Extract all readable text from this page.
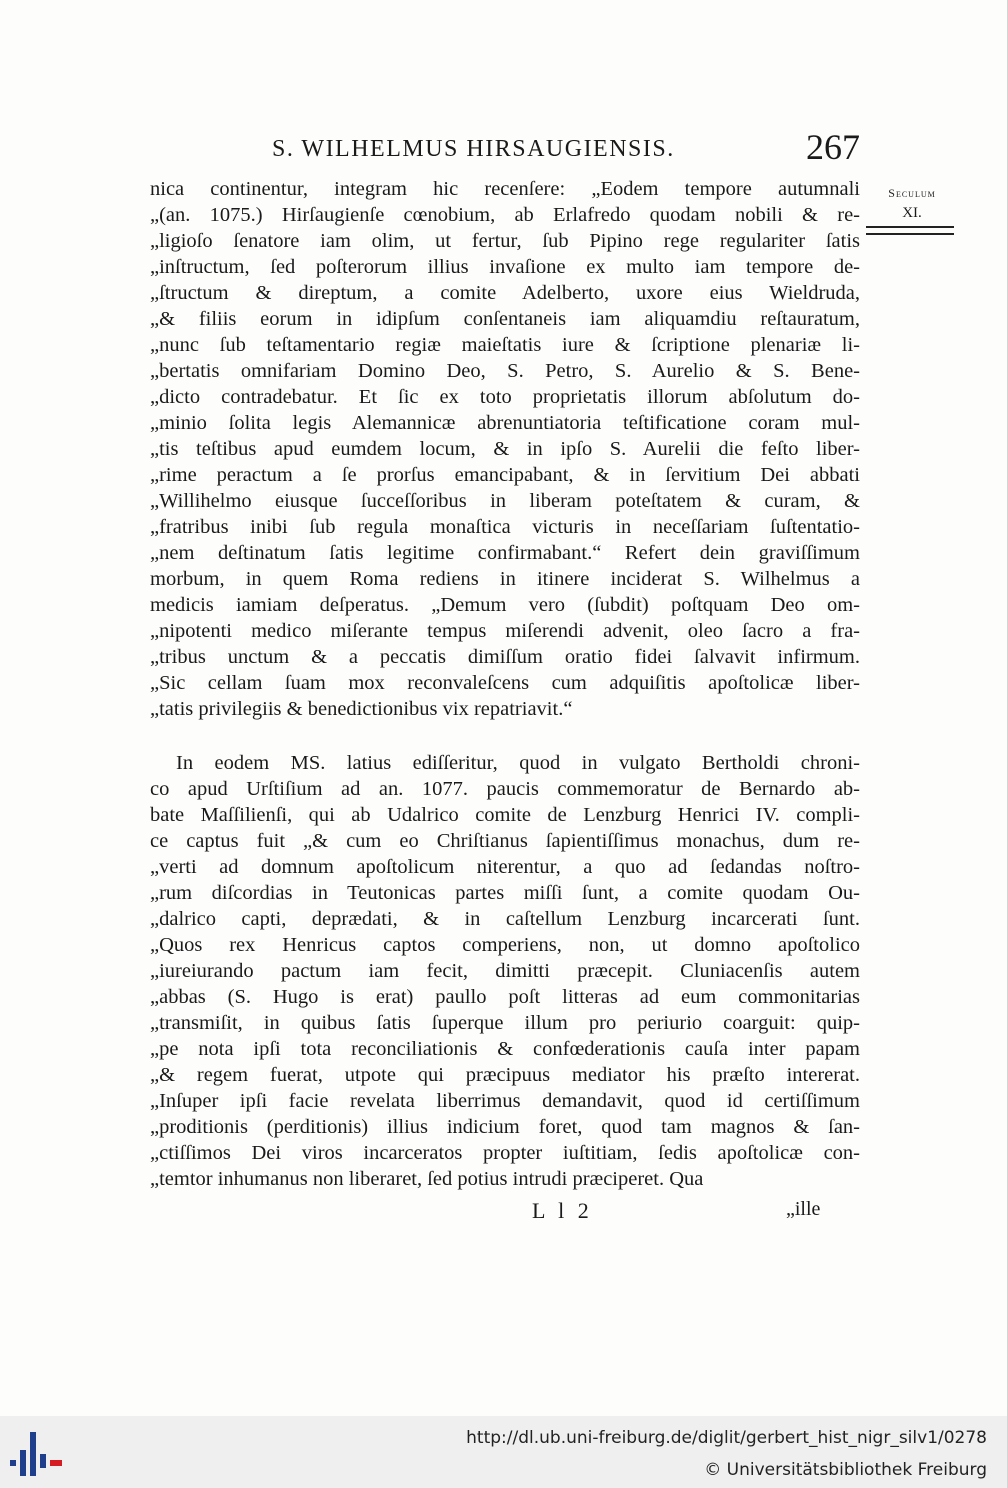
S. WILHELMUS HIRSAUGIENSIS.	267
Seculum
XI.
nica continentur, integram hic recenſere: „Eodem tempore autumnali
„(an. 1075.) Hirſaugienſe cœnobium, ab Erlafredo quodam nobili & re-
„ligioſo ſenatore iam olim, ut fertur, ſub Pipino rege regulariter ſatis
„inſtructum, ſed poſterorum illius invaſione ex multo iam tempore de-
„ſtructum & direptum, a comite Adelberto, uxore eius Wieldruda,
„& filiis eorum in idipſum conſentaneis iam aliquamdiu reſtauratum,
„nunc ſub teſtamentario regiæ maieſtatis iure & ſcriptione plenariæ li-
„bertatis omnifariam Domino Deo, S. Petro, S. Aurelio & S. Bene-
„dicto contradebatur. Et ſic ex toto proprietatis illorum abſolutum do-
„minio ſolita legis Alemannicæ abrenuntiatoria teſtificatione coram mul-
„tis teſtibus apud eumdem locum, & in ipſo S. Aurelii die feſto liber-
„rime peractum a ſe prorſus emancipabant, & in ſervitium Dei abbati
„Willihelmo eiusque ſucceſſoribus in liberam poteſtatem & curam, &
„fratribus inibi ſub regula monaſtica victuris in neceſſariam ſuſtentatio-
„nem deſtinatum ſatis legitime confirmabant.“ Refert dein graviſſimum
morbum, in quem Roma rediens in itinere inciderat S. Wilhelmus a
medicis iamiam deſperatus. „Demum vero (ſubdit) poſtquam Deo om-
„nipotenti medico miſerante tempus miſerendi advenit, oleo ſacro a fra-
„tribus unctum & a peccatis dimiſſum oratio fidei ſalvavit infirmum.
„Sic cellam ſuam mox reconvaleſcens cum adquiſitis apoſtolicæ liber-
„tatis privilegiis & benedictionibus vix repatriavit.“
In eodem MS. latius ediſſeritur, quod in vulgato Bertholdi chroni-
co apud Urſtiſium ad an. 1077. paucis commemoratur de Bernardo ab-
bate Maſſilienſi, qui ab Udalrico comite de Lenzburg Henrici IV. compli-
ce captus fuit „& cum eo Chriſtianus ſapientiſſimus monachus, dum re-
„verti ad domnum apoſtolicum niterentur, a quo ad ſedandas noſtro-
„rum diſcordias in Teutonicas partes miſſi ſunt, a comite quodam Ou-
„dalrico capti, deprædati, & in caſtellum Lenzburg incarcerati ſunt.
„Quos rex Henricus captos comperiens, non, ut domno apoſtolico
„iureiurando pactum iam fecit, dimitti præcepit. Cluniacenſis autem
„abbas (S. Hugo is erat) paullo poſt litteras ad eum commonitarias
„transmiſit, in quibus ſatis ſuperque illum pro periurio coarguit: quip-
„pe nota ipſi tota reconciliationis & confœderationis cauſa inter papam
„& regem fuerat, utpote qui præcipuus mediator his præſto intererat.
„Inſuper ipſi facie revelata liberrimus demandavit, quod id certiſſimum
„proditionis (perditionis) illius indicium foret, quod tam magnos & ſan-
„ctiſſimos Dei viros incarceratos propter iuſtitiam, ſedis apoſtolicæ con-
„temtor inhumanus non liberaret, ſed potius intrudi præciperet. Qua
L l 2	„ille
http://dl.ub.uni-freiburg.de/diglit/gerbert_hist_nigr_silv1/0278
© Universitätsbibliothek Freiburg
